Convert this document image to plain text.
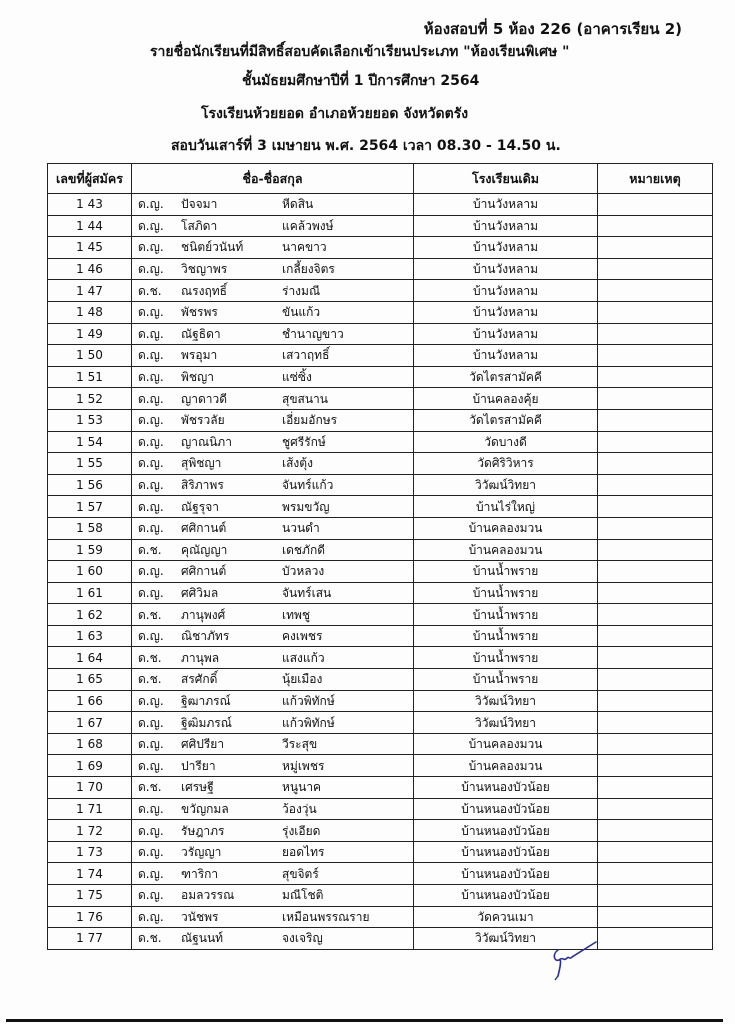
ห้องสอบที่ 5 ห้อง 226 (อาคารเรียน 2)
รายชื่อนักเรียนที่มีสิทธิ์สอบคัดเลือกเข้าเรียนประเภท "ห้องเรียนพิเศษ "
ชั้นมัธยมศึกษาปีที่ 1 ปีการศึกษา 2564
โรงเรียนห้วยยอด อำเภอห้วยยอด จังหวัดตรัง
สอบวันเสาร์ที่ 3 เมษายน พ.ศ. 2564 เวลา 08.30 - 14.50 น.
เลขที่ผู้สมัคร	ชื่อ-ชื่อสกุล	โรงเรียนเดิม	หมายเหตุ
1 43	ด.ญ. ปัจจมา หีดสิน	บ้านวังหลาม	
1 44	ด.ญ. โสภิดา แคล้วพงษ์	บ้านวังหลาม	
1 45	ด.ญ. ชนิตย์วนันท์ นาคขาว	บ้านวังหลาม	
1 46	ด.ญ. วิชญาพร เกลี้ยงจิตร	บ้านวังหลาม	
1 47	ด.ช. ณรงฤทธิ์ ร่างมณี	บ้านวังหลาม	
1 48	ด.ญ. พัชรพร ขันแก้ว	บ้านวังหลาม	
1 49	ด.ญ. ณัฐธิดา ชำนาญขาว	บ้านวังหลาม	
1 50	ด.ญ. พรอุมา เสวาฤทธิ์	บ้านวังหลาม	
1 51	ด.ญ. พิชญา แซ่ซิ้ง	วัดไตรสามัคคี	
1 52	ด.ญ. ญาดาวดี สุขสนาน	บ้านคลองคุ้ย	
1 53	ด.ญ. พัชรวลัย เอี่ยมอักษร	วัดไตรสามัคคี	
1 54	ด.ญ. ญาณนิภา ชูศรีรักษ์	วัดบางดี	
1 55	ด.ญ. สุพิชญา เส้งตุ้ง	วัดศิริวิหาร	
1 56	ด.ญ. สิริภาพร จันทร์แก้ว	วิวัฒน์วิทยา	
1 57	ด.ญ. ณัฐรุจา พรมขวัญ	บ้านไร่ใหญ่	
1 58	ด.ญ. ศศิกานต์ นวนดำ	บ้านคลองมวน	
1 59	ด.ช. คุณัญญา เดชภักดี	บ้านคลองมวน	
1 60	ด.ญ. ศศิกานต์ บัวหลวง	บ้านน้ำพราย	
1 61	ด.ญ. ศศิวิมล จันทร์เสน	บ้านน้ำพราย	
1 62	ด.ช. ภานุพงศ์ เทพชู	บ้านน้ำพราย	
1 63	ด.ญ. ณิชาภัทร คงเพชร	บ้านน้ำพราย	
1 64	ด.ช. ภานุพล แสงแก้ว	บ้านน้ำพราย	
1 65	ด.ช. สรศักดิ์ นุ้ยเมือง	บ้านน้ำพราย	
1 66	ด.ญ. ฐิฒาภรณ์ แก้วพิทักษ์	วิวัฒน์วิทยา	
1 67	ด.ญ. ฐิฒิมภรณ์ แก้วพิทักษ์	วิวัฒน์วิทยา	
1 68	ด.ญ. ศศิปรียา วีระสุข	บ้านคลองมวน	
1 69	ด.ญ. ปารียา หมู่เพชร	บ้านคลองมวน	
1 70	ด.ช. เศรษฐี หนูนาค	บ้านหนองบัวน้อย	
1 71	ด.ญ. ขวัญกมล ว้องวุ่น	บ้านหนองบัวน้อย	
1 72	ด.ญ. รัษฎาภร รุ่งเอียด	บ้านหนองบัวน้อย	
1 73	ด.ญ. วรัญญา ยอดไทร	บ้านหนองบัวน้อย	
1 74	ด.ญ. ฑาริกา สุขจิตร์	บ้านหนองบัวน้อย	
1 75	ด.ญ. อมลวรรณ มณีโชติ	บ้านหนองบัวน้อย	
1 76	ด.ญ. วนัชพร เหมือนพรรณราย	วัดควนเมา	
1 77	ด.ช. ณัฐนนท์ จงเจริญ	วิวัฒน์วิทยา	
